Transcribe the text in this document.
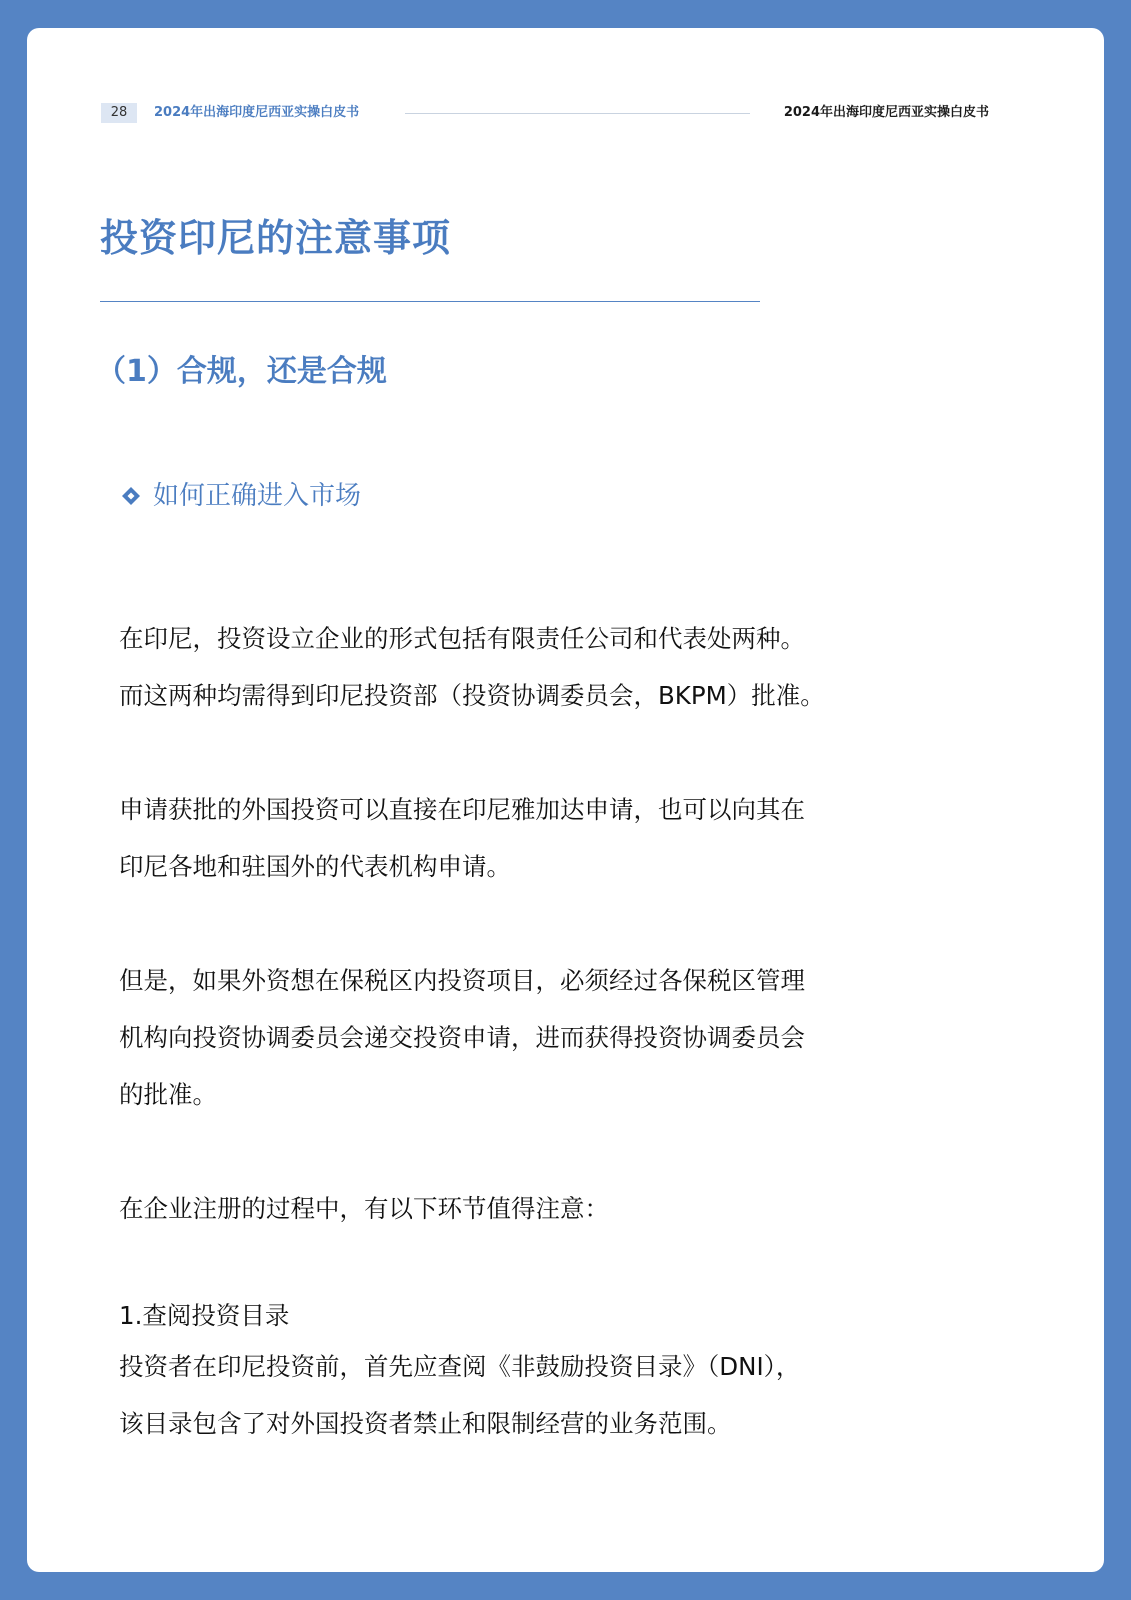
28	2024年出海印度尼西亚实操白皮书	2024年出海印度尼西亚实操白皮书
投资印尼的注意事项
（1）合规，还是合规
如何正确进入市场

在印尼，投资设立企业的形式包括有限责任公司和代表处两种。

而这两种均需得到印尼投资部（投资协调委员会，BKPM）批准。

申请获批的外国投资可以直接在印尼雅加达申请，也可以向其在

印尼各地和驻国外的代表机构申请。

但是，如果外资想在保税区内投资项目，必须经过各保税区管理

机构向投资协调委员会递交投资申请，进而获得投资协调委员会

的批准。

在企业注册的过程中，有以下环节值得注意：

1.查阅投资目录

投资者在印尼投资前，首先应查阅《非鼓励投资目录》（DNI），

该目录包含了对外国投资者禁止和限制经营的业务范围。
